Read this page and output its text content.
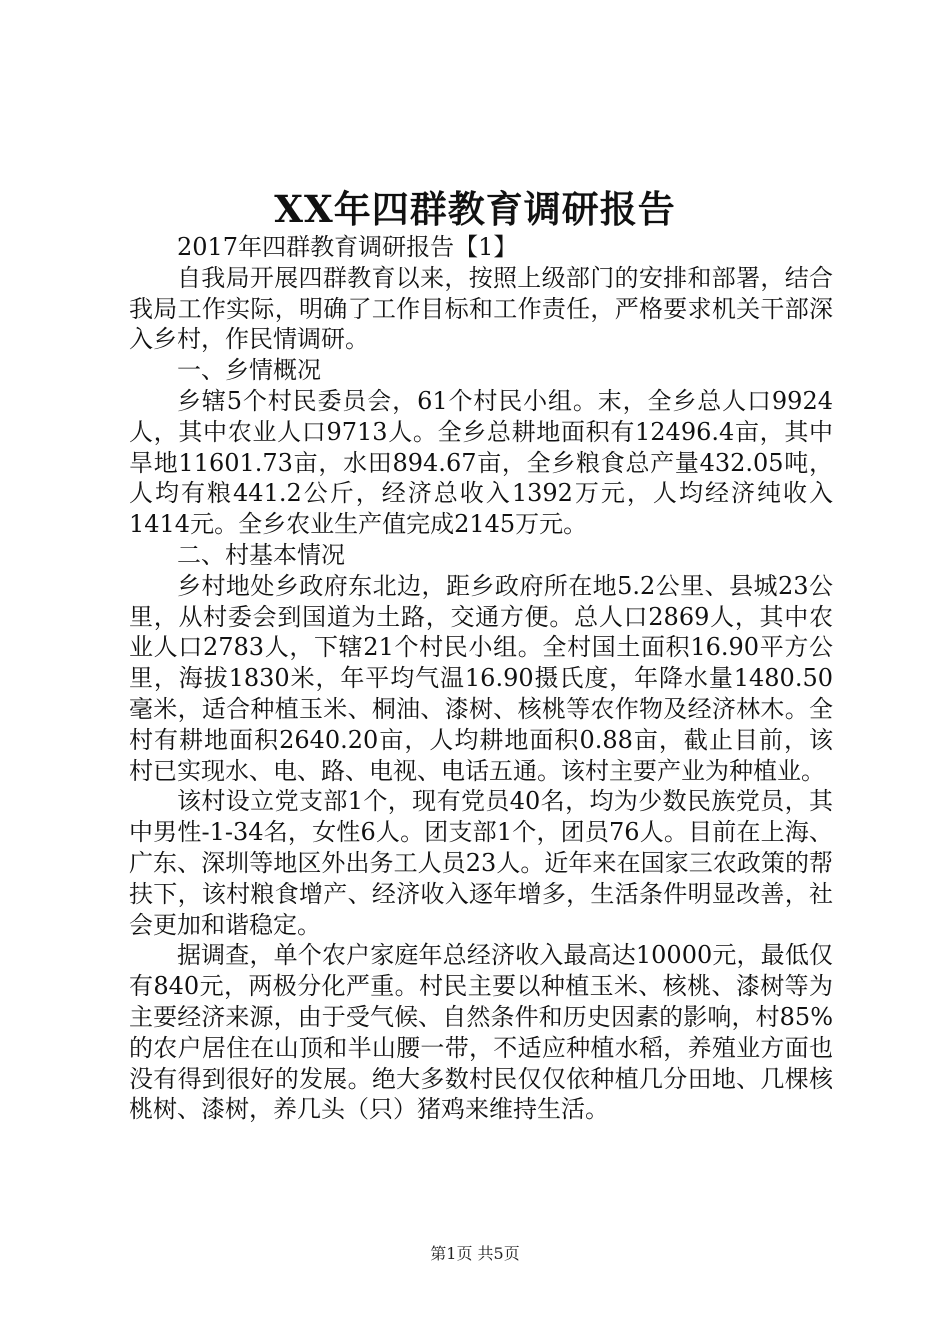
XX年四群教育调研报告

2017年四群教育调研报告【1】

自我局开展四群教育以来，按照上级部门的安排和部署，结合我局工作实际，明确了工作目标和工作责任，严格要求机关干部深入乡村，作民情调研。

一、乡情概况

乡辖5个村民委员会，61个村民小组。末，全乡总人口9924人，其中农业人口9713人。全乡总耕地面积有12496.4亩，其中旱地11601.73亩，水田894.67亩，全乡粮食总产量432.05吨，人均有粮441.2公斤，经济总收入1392万元，人均经济纯收入1414元。全乡农业生产值完成2145万元。

二、村基本情况

乡村地处乡政府东北边，距乡政府所在地5.2公里、县城23公里，从村委会到国道为土路，交通方便。总人口2869人，其中农业人口2783人，下辖21个村民小组。全村国土面积16.90平方公里，海拔1830米，年平均气温16.90摄氏度，年降水量1480.50毫米，适合种植玉米、桐油、漆树、核桃等农作物及经济林木。全村有耕地面积2640.20亩，人均耕地面积0.88亩，截止目前，该村已实现水、电、路、电视、电话五通。该村主要产业为种植业。

该村设立党支部1个，现有党员40名，均为少数民族党员，其中男性-1-34名，女性6人。团支部1个，团员76人。目前在上海、广东、深圳等地区外出务工人员23人。近年来在国家三农政策的帮扶下，该村粮食增产、经济收入逐年增多，生活条件明显改善，社会更加和谐稳定。

据调查，单个农户家庭年总经济收入最高达10000元，最低仅有840元，两极分化严重。村民主要以种植玉米、核桃、漆树等为主要经济来源，由于受气候、自然条件和历史因素的影响，村85%的农户居住在山顶和半山腰一带，不适应种植水稻，养殖业方面也没有得到很好的发展。绝大多数村民仅仅依种植几分田地、几棵核桃树、漆树，养几头（只）猪鸡来维持生活。

第1页 共5页
